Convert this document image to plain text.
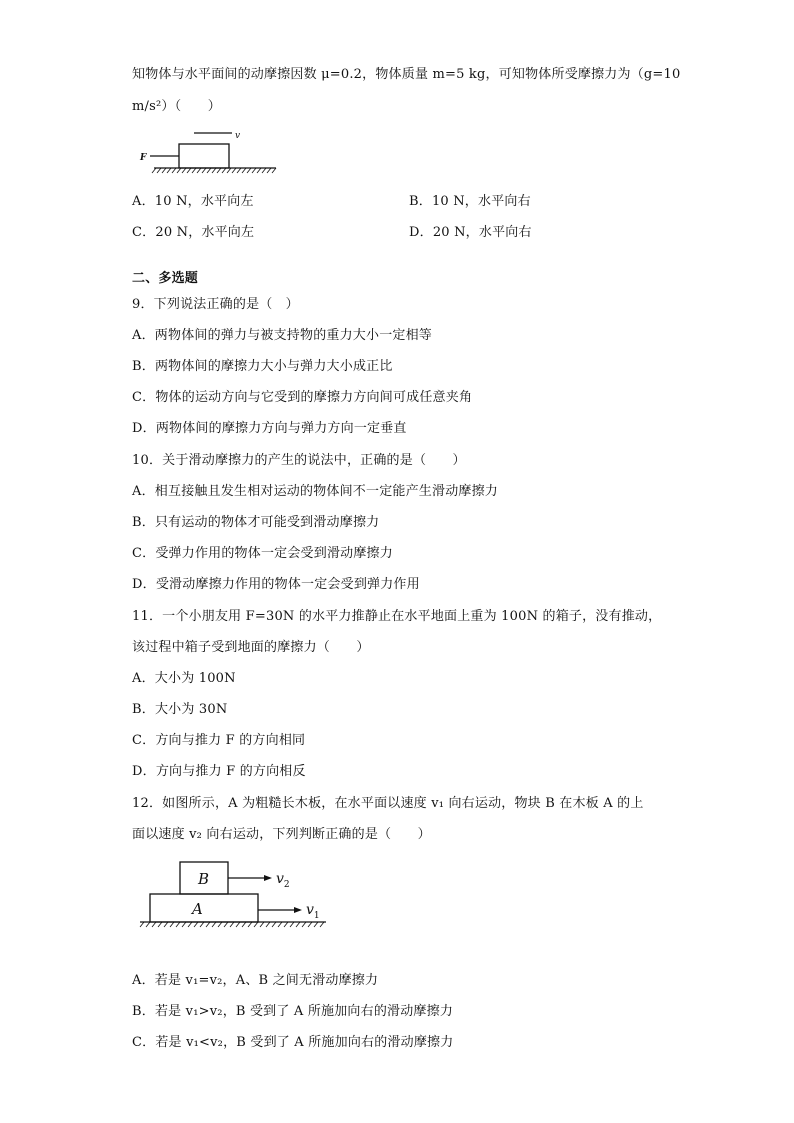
知物体与水平面间的动摩擦因数 μ=0.2，物体质量 m=5 kg，可知物体所受摩擦力为（g=10
m/s²）（　　）
v
F
A．10 N，水平向左	B．10 N，水平向右
C．20 N，水平向左	D．20 N，水平向右
二、多选题
9．下列说法正确的是（　）
A．两物体间的弹力与被支持物的重力大小一定相等
B．两物体间的摩擦力大小与弹力大小成正比
C．物体的运动方向与它受到的摩擦力方向间可成任意夹角
D．两物体间的摩擦力方向与弹力方向一定垂直
10．关于滑动摩擦力的产生的说法中，正确的是（　　）
A．相互接触且发生相对运动的物体间不一定能产生滑动摩擦力
B．只有运动的物体才可能受到滑动摩擦力
C．受弹力作用的物体一定会受到滑动摩擦力
D．受滑动摩擦力作用的物体一定会受到弹力作用
11．一个小朋友用 F=30N 的水平力推静止在水平地面上重为 100N 的箱子，没有推动，
该过程中箱子受到地面的摩擦力（　　）
A．大小为 100N
B．大小为 30N
C．方向与推力 F 的方向相同
D．方向与推力 F 的方向相反
12．如图所示，A 为粗糙长木板，在水平面以速度 v₁ 向右运动，物块 B 在木板 A 的上
面以速度 v₂ 向右运动，下列判断正确的是（　　）
B
A
$v_2$
$v_1$
A．若是 v₁=v₂，A、B 之间无滑动摩擦力
B．若是 v₁>v₂，B 受到了 A 所施加向右的滑动摩擦力
C．若是 v₁<v₂，B 受到了 A 所施加向右的滑动摩擦力
